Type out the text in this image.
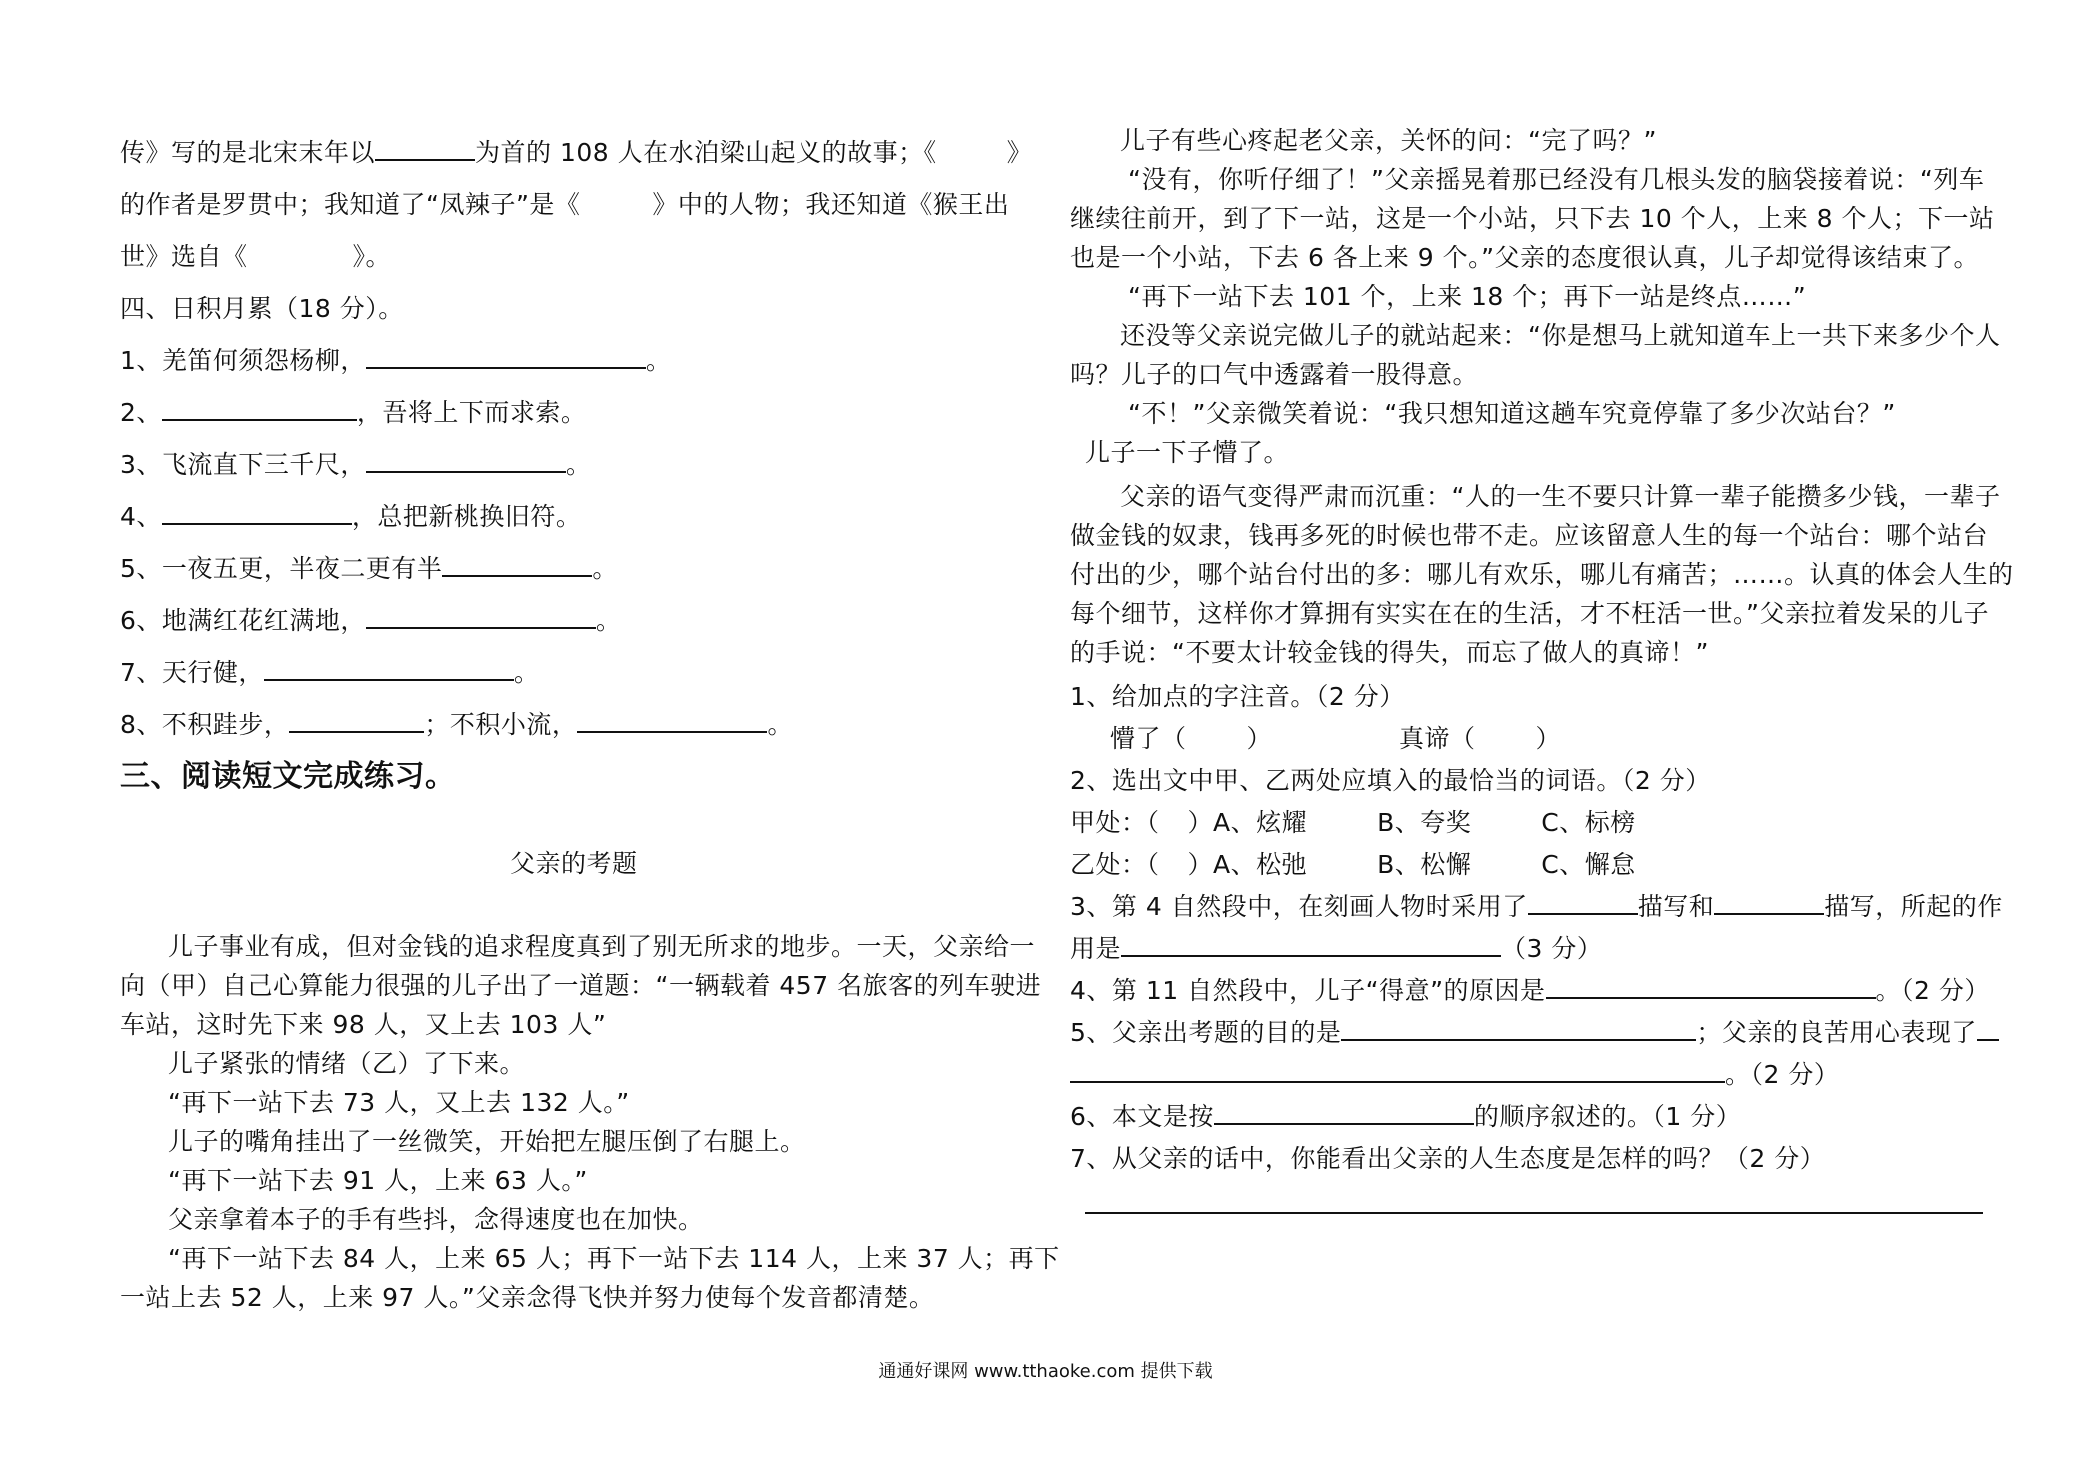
传》写的是北宋末年以	为首的 108 人在水泊梁山起义的故事；《	》
的作者是罗贯中；我知道了“凤辣子”是《	》中的人物；我还知道《猴王出
世》选自《	》。
四、日积月累（18 分）。
1、羌笛何须怨杨柳，	。
2、	，吾将上下而求索。
3、飞流直下三千尺，	。
4、	，总把新桃换旧符。
5、一夜五更，半夜二更有半	。
6、地满红花红满地，	。
7、天行健，	。
8、不积跬步，	；不积小流，	。
三、阅读短文完成练习。
父亲的考题
儿子事业有成，但对金钱的追求程度真到了别无所求的地步。一天，父亲给一
向（甲）自己心算能力很强的儿子出了一道题：“一辆载着 457 名旅客的列车驶进
车站，这时先下来 98 人，又上去 103 人”
儿子紧张的情绪（乙）了下来。
“再下一站下去 73 人，又上去 132 人。”
儿子的嘴角挂出了一丝微笑，开始把左腿压倒了右腿上。
“再下一站下去 91 人，上来 63 人。”
父亲拿着本子的手有些抖，念得速度也在加快。
“再下一站下去 84 人，上来 65 人；再下一站下去 114 人，上来 37 人；再下
一站上去 52 人，上来 97 人。”父亲念得飞快并努力使每个发音都清楚。
儿子有些心疼起老父亲，关怀的问：“完了吗？”
“没有，你听仔细了！”父亲摇晃着那已经没有几根头发的脑袋接着说：“列车
继续往前开，到了下一站，这是一个小站，只下去 10 个人，上来 8 个人；下一站
也是一个小站，下去 6 各上来 9 个。”父亲的态度很认真，儿子却觉得该结束了。
“再下一站下去 101 个，上来 18 个；再下一站是终点……”
还没等父亲说完做儿子的就站起来：“你是想马上就知道车上一共下来多少个人
吗？儿子的口气中透露着一股得意。
“不！”父亲微笑着说：“我只想知道这趟车究竟停靠了多少次站台？”
儿子一下子懵了。
父亲的语气变得严肃而沉重：“人的一生不要只计算一辈子能攒多少钱，一辈子
做金钱的奴隶，钱再多死的时候也带不走。应该留意人生的每一个站台：哪个站台
付出的少，哪个站台付出的多：哪儿有欢乐，哪儿有痛苦；……。认真的体会人生的
每个细节，这样你才算拥有实实在在的生活，才不枉活一世。”父亲拉着发呆的儿子
的手说：“不要太计较金钱的得失，而忘了做人的真谛！”
1、给加点的字注音。（2 分）
懵了（ ）	真谛（ ）
2、选出文中甲、乙两处应填入的最恰当的词语。（2 分）
甲处：（ ）A、炫耀	B、夸奖	C、标榜
乙处：（ ）A、松弛	B、松懈	C、懈怠
3、第 4 自然段中，在刻画人物时采用了	描写和	描写，所起的作
用是	（3 分）
4、第 11 自然段中，儿子“得意”的原因是	。（2 分）
5、父亲出考题的目的是	；父亲的良苦用心表现了
。（2 分）
6、本文是按	的顺序叙述的。（1 分）
7、从父亲的话中，你能看出父亲的人生态度是怎样的吗？（2 分）
通通好课网 www.tthaoke.com 提供下载
